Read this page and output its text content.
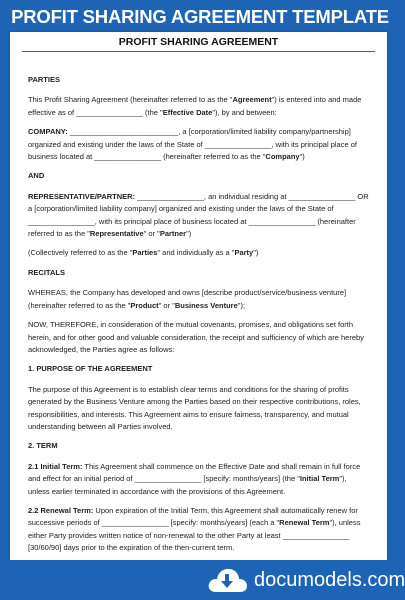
PROFIT SHARING AGREEMENT TEMPLATE
PROFIT SHARING AGREEMENT

PARTIES

This Profit Sharing Agreement (hereinafter referred to as the "Agreement") is entered into and made effective as of ________________ (the "Effective Date"), by and between:

COMPANY: __________________________, a [corporation/limited liability company/partnership] organized and existing under the laws of the State of ________________, with its principal place of business located at ________________ (hereinafter referred to as the "Company")

AND

REPRESENTATIVE/PARTNER: ________________, an individual residing at ________________ OR a [corporation/limited liability company] organized and existing under the laws of the State of ________________, with its principal place of business located at ________________ (hereinafter referred to as the "Representative" or "Partner")

(Collectively referred to as the "Parties" and individually as a "Party")

RECITALS

WHEREAS, the Company has developed and owns [describe product/service/business venture] (hereinafter referred to as the "Product" or "Business Venture");

NOW, THEREFORE, in consideration of the mutual covenants, promises, and obligations set forth herein, and for other good and valuable consideration, the receipt and sufficiency of which are hereby acknowledged, the Parties agree as follows:

1. PURPOSE OF THE AGREEMENT

The purpose of this Agreement is to establish clear terms and conditions for the sharing of profits generated by the Business Venture among the Parties based on their respective contributions, roles, responsibilities, and interests. This Agreement aims to ensure fairness, transparency, and mutual understanding between all Parties involved.

2. TERM

2.1 Initial Term: This Agreement shall commence on the Effective Date and shall remain in full force and effect for an initial period of ________________ [specify: months/years] (the "Initial Term"), unless earlier terminated in accordance with the provisions of this Agreement.

2.2 Renewal Term: Upon expiration of the Initial Term, this Agreement shall automatically renew for successive periods of ________________ [specify: months/years] (each a "Renewal Term"), unless either Party provides written notice of non-renewal to the other Party at least ________________ [30/60/90] days prior to the expiration of the then-current term.

documodels.com
